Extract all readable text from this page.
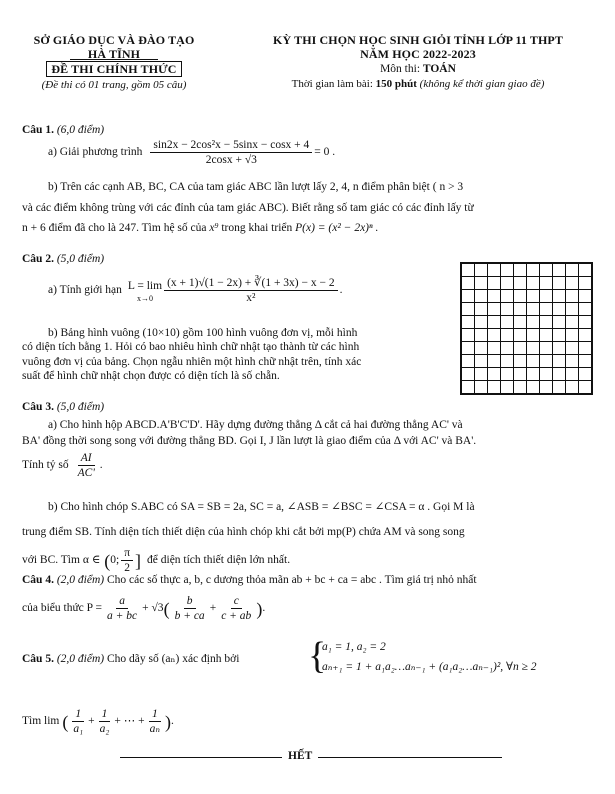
SỞ GIÁO DỤC VÀ ĐÀO TẠO
HÀ TĨNH
ĐỀ THI CHÍNH THỨC
(Đề thi có 01 trang, gồm 05 câu)
KỲ THI CHỌN HỌC SINH GIỎI TỈNH LỚP 11 THPT
NĂM HỌC 2022-2023
Môn thi: TOÁN
Thời gian làm bài: 150 phút (không kể thời gian giao đề)
Câu 1. (6,0 điểm)
a) Giải phương trình $\frac{\text{sin2x − 2cos²x − 5sinx − cosx + 4}}{2\cos x + √3} = 0$ .
b) Trên các cạnh AB, BC, CA của tam giác ABC lần lượt lấy 2, 4, n điểm phân biệt ( n > 3
và các điểm không trùng với các đỉnh của tam giác ABC). Biết rằng số tam giác có các đỉnh lấy từ
n + 6 điểm đã cho là 247. Tìm hệ số của x⁹ trong khai triển P(x) = (x² − 2x)ⁿ .
Câu 2. (5,0 điểm)
a) Tính giới hạn L = lim
$x\to 0 \frac{(x + 1)√(1 - 2x) + ∛(1 + 3x) - x - 2}{\text{x²}}$ .
b) Bảng hình vuông (10×10) gồm 100 hình vuông đơn vị, mỗi hình
có diện tích bằng 1. Hỏi có bao nhiêu hình chữ nhật tạo thành từ các hình
vuông đơn vị của bảng. Chọn ngẫu nhiên một hình chữ nhật trên, tính xác
suất để hình chữ nhật chọn được có diện tích là số chẵn.
Câu 3. (5,0 điểm)
a) Cho hình hộp ABCD.A'B'C'D'. Hãy dựng đường thẳng Δ cắt cả hai đường thẳng AC' và
BA' đồng thời song song với đường thẳng BD. Gọi I, J lần lượt là giao điểm của Δ với AC' và BA'.
Tính tỷ số $\frac{AI}{AC'}$ .
b) Cho hình chóp S.ABC có SA = SB = 2a, SC = a, ∠ASB = ∠BSC = ∠CSA = α . Gọi M là
trung điểm SB. Tính diện tích thiết diện của hình chóp khi cắt bởi mp(P) chứa AM và song song
với BC. Tìm α ∈ ( 0; $\frac{\pi}{2}$ ] để diện tích thiết diện lớn nhất.
Câu 4. (2,0 điểm) Cho các số thực a, b, c dương thỏa mãn ab + bc + ca = abc . Tìm giá trị nhỏ nhất
của biểu thức $P = \frac{a}{a + bc} + √3$ ( $\frac{b}{b + ca} + \frac{c}{c + ab}$ ) .
Câu 5. (2,0 điểm) Cho dãy số (aₙ) xác định bởi {
a₁ = 1, a₂ = 2
aₙ₊₁ = 1 + a₁a₂…aₙ₋₁ + (a₁a₂…aₙ₋₁)², ∀n ≥ 2
Tìm lim ( $\frac{1}{\text{a₁}} + \frac{1}{\text{a₂}}$ + ⋯ + $\frac{1}{\text{aₙ}}$ ) .
HẾT
